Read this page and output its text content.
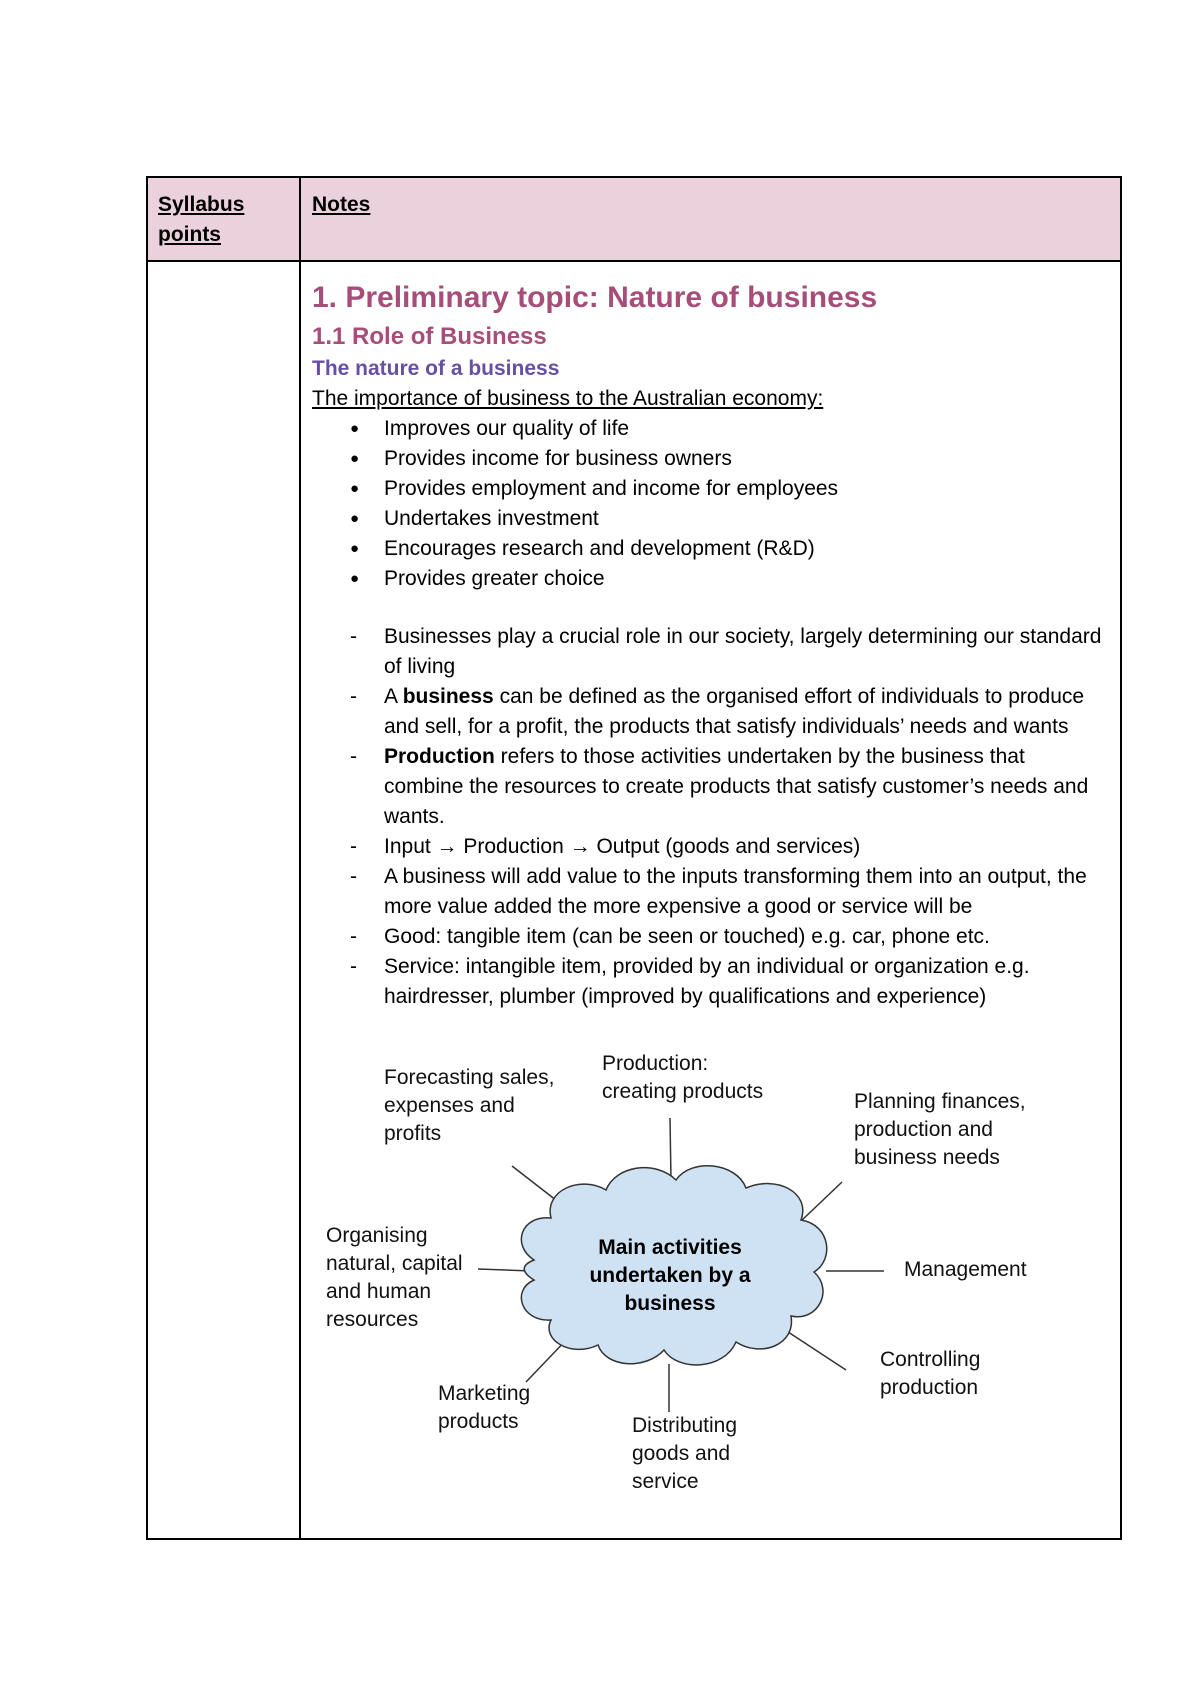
Syllabus points
Notes

1. Preliminary topic: Nature of business

1.1 Role of Business

The nature of a business

The importance of business to the Australian economy:

● Improves our quality of life
● Provides income for business owners
● Provides employment and income for employees
● Undertakes investment
● Encourages research and development (R&D)
● Provides greater choice
- Businesses play a crucial role in our society, largely determining our standard of living
- A business can be defined as the organised effort of individuals to produce and sell, for a profit, the products that satisfy individuals’ needs and wants
- Production refers to those activities undertaken by the business that combine the resources to create products that satisfy customer’s needs and wants.
- Input → Production → Output (goods and services)
- A business will add value to the inputs transforming them into an output, the more value added the more expensive a good or service will be
- Good: tangible item (can be seen or touched) e.g. car, phone etc.
- Service: intangible item, provided by an individual or organization e.g. hairdresser, plumber (improved by qualifications and experience)
Main activities undertaken by a business
Forecasting sales, expenses and profits
Production: creating products	Planning finances, production and business needs
Organising natural, capital and human resources
Management
Controlling production
Marketing products	Distributing goods and service
